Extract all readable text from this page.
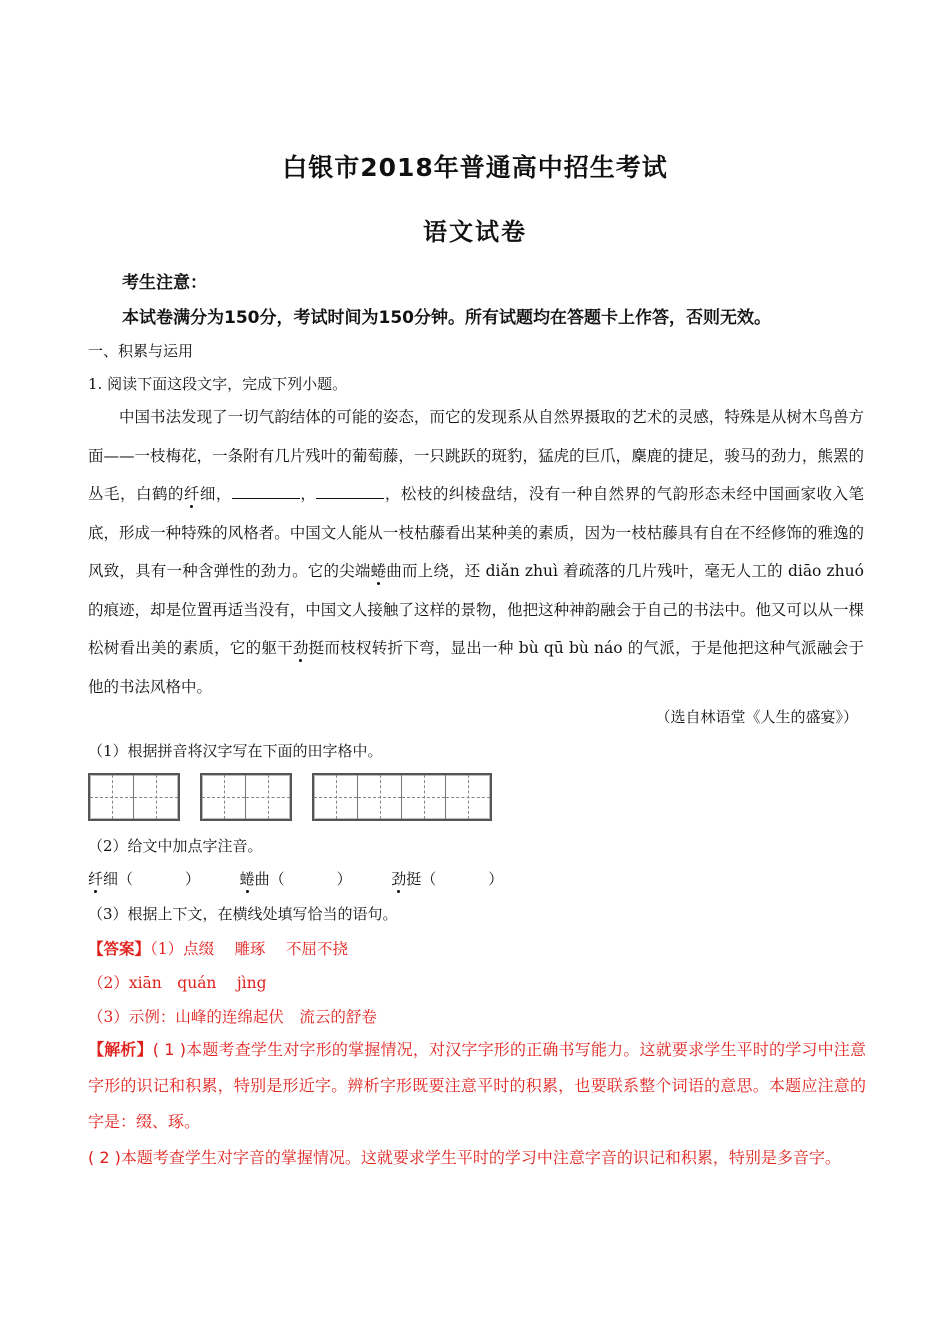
白银市2018年普通高中招生考试
语文试卷
考生注意：
本试卷满分为150分，考试时间为150分钟。所有试题均在答题卡上作答，否则无效。
一、积累与运用
1. 阅读下面这段文字，完成下列小题。

中国书法发现了一切气韵结体的可能的姿态，而它的发现系从自然界摄取的艺术的灵感，特殊是从树木鸟兽方面——一枝梅花，一条附有几片残叶的葡萄藤，一只跳跃的斑豹，猛虎的巨爪，麇鹿的捷足，骏马的劲力，熊罴的丛毛，白鹤的纤细，	，	，松枝的纠棱盘结，没有一种自然界的气韵形态未经中国画家收入笔底，形成一种特殊的风格者。中国文人能从一枝枯藤看出某种美的素质，因为一枝枯藤具有自在不经修饰的雅逸的风致，具有一种含弹性的劲力。它的尖端蜷曲而上绕，还 diǎn zhuì 着疏落的几片残叶，毫无人工的 diāo zhuó 的痕迹，却是位置再适当没有，中国文人接触了这样的景物，他把这种神韵融会于自己的书法中。他又可以从一棵松树看出美的素质，它的躯干劲挺而枝杈转折下弯，显出一种 bù qū bù náo 的气派，于是他把这种气派融会于他的书法风格中。

（选自林语堂《人生的盛宴》）
（1）根据拼音将汉字写在下面的田字格中。
（2）给文中加点字注音。
纤细（	）	蜷曲（	）	劲挺（	）
（3）根据上下文，在横线处填写恰当的语句。
【答案】（1）点缀　 雕琢　 不屈不挠
（2）xiān　quán　 jìng
（3）示例：山峰的连绵起伏　流云的舒卷

【解析】( 1 )本题考查学生对字形的掌握情况，对汉字字形的正确书写能力。这就要求学生平时的学习中注意字形的识记和积累，特别是形近字。辨析字形既要注意平时的积累，也要联系整个词语的意思。本题应注意的字是：缀、琢。

( 2 )本题考查学生对字音的掌握情况。这就要求学生平时的学习中注意字音的识记和积累，特别是多音字。
